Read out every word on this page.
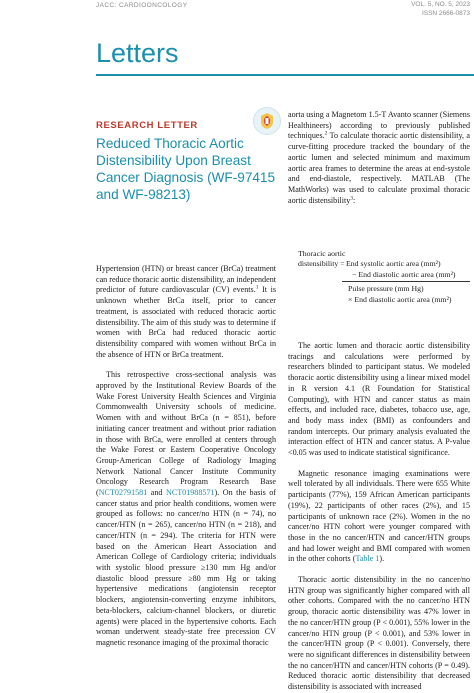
JACC: CARDIOONCOLOGY	VOL. 5, NO. 5, 2023
ISSN 2666-0873
Letters
RESEARCH LETTER
Reduced Thoracic Aortic Distensibility Upon Breast Cancer Diagnosis (WF-97415 and WF-98213)

Hypertension (HTN) or breast cancer (BrCa) treatment can reduce thoracic aortic distensibility, an independent predictor of future cardiovascular (CV) events.$^1$ It is unknown whether BrCa itself, prior to cancer treatment, is associated with reduced thoracic aortic distensibility. The aim of this study was to determine if women with BrCa had reduced thoracic aortic distensibility compared with women without BrCa in the absence of HTN or BrCa treatment.

This retrospective cross-sectional analysis was approved by the Institutional Review Boards of the Wake Forest University Health Sciences and Virginia Commonwealth University schools of medicine. Women with and without BrCa (n = 851), before initiating cancer treatment and without prior radiation in those with BrCa, were enrolled at centers through the Wake Forest or Eastern Cooperative Oncology Group-American College of Radiology Imaging Network National Cancer Institute Community Oncology Research Program Research Base (NCT02791581 and NCT01988571). On the basis of cancer status and prior health conditions, women were grouped as follows: no cancer/no HTN (n = 74), no cancer/HTN (n = 265), cancer/no HTN (n = 218), and cancer/HTN (n = 294). The criteria for HTN were based on the American Heart Association and American College of Cardiology criteria; individuals with systolic blood pressure ≥130 mm Hg and/or diastolic blood pressure ≥80 mm Hg or taking hypertensive medications (angiotensin receptor blockers, angiotensin-converting enzyme inhibitors, beta-blockers, calcium-channel blockers, or diuretic agents) were placed in the hypertensive cohorts. Each woman underwent steady-state free precession CV magnetic resonance imaging of the proximal thoracic

aorta using a Magnetom 1.5-T Avanto scanner (Siemens Healthineers) according to previously published techniques.$^2$ To calculate thoracic aortic distensibility, a curve-fitting procedure tracked the boundary of the aortic lumen and selected minimum and maximum aortic area frames to determine the areas at end-systole and end-diastole, respectively. MATLAB (The MathWorks) was used to calculate proximal thoracic aortic distensibility$^3$:

Thoracic aortic
distensibility = End systolic aortic area (mm²)
− End diastolic aortic area (mm²)
Pulse pressure (mm Hg)
× End diastolic aortic area (mm²)

The aortic lumen and thoracic aortic distensibility tracings and calculations were performed by researchers blinded to participant status. We modeled thoracic aortic distensibility using a linear mixed model in R version 4.1 (R Foundation for Statistical Computing), with HTN and cancer status as main effects, and included race, diabetes, tobacco use, age, and body mass index (BMI) as confounders and random intercepts. Our primary analysis evaluated the interaction effect of HTN and cancer status. A P-value <0.05 was used to indicate statistical significance.

Magnetic resonance imaging examinations were well tolerated by all individuals. There were 655 White participants (77%), 159 African American participants (19%), 22 participants of other races (2%), and 15 participants of unknown race (2%). Women in the no cancer/no HTN cohort were younger compared with those in the no cancer/HTN and cancer/HTN groups and had lower weight and BMI compared with women in the other cohorts (Table 1).

Thoracic aortic distensibility in the no cancer/no HTN group was significantly higher compared with all other cohorts. Compared with the no cancer/no HTN group, thoracic aortic distensibility was 47% lower in the no cancer/HTN group (P < 0.001), 55% lower in the cancer/no HTN group (P < 0.001), and 53% lower in the cancer/HTN group (P < 0.001). Conversely, there were no significant differences in distensibility between the no cancer/HTN and cancer/HTN cohorts (P = 0.49). Reduced thoracic aortic distensibility that decreased distensibility is associated with increased
